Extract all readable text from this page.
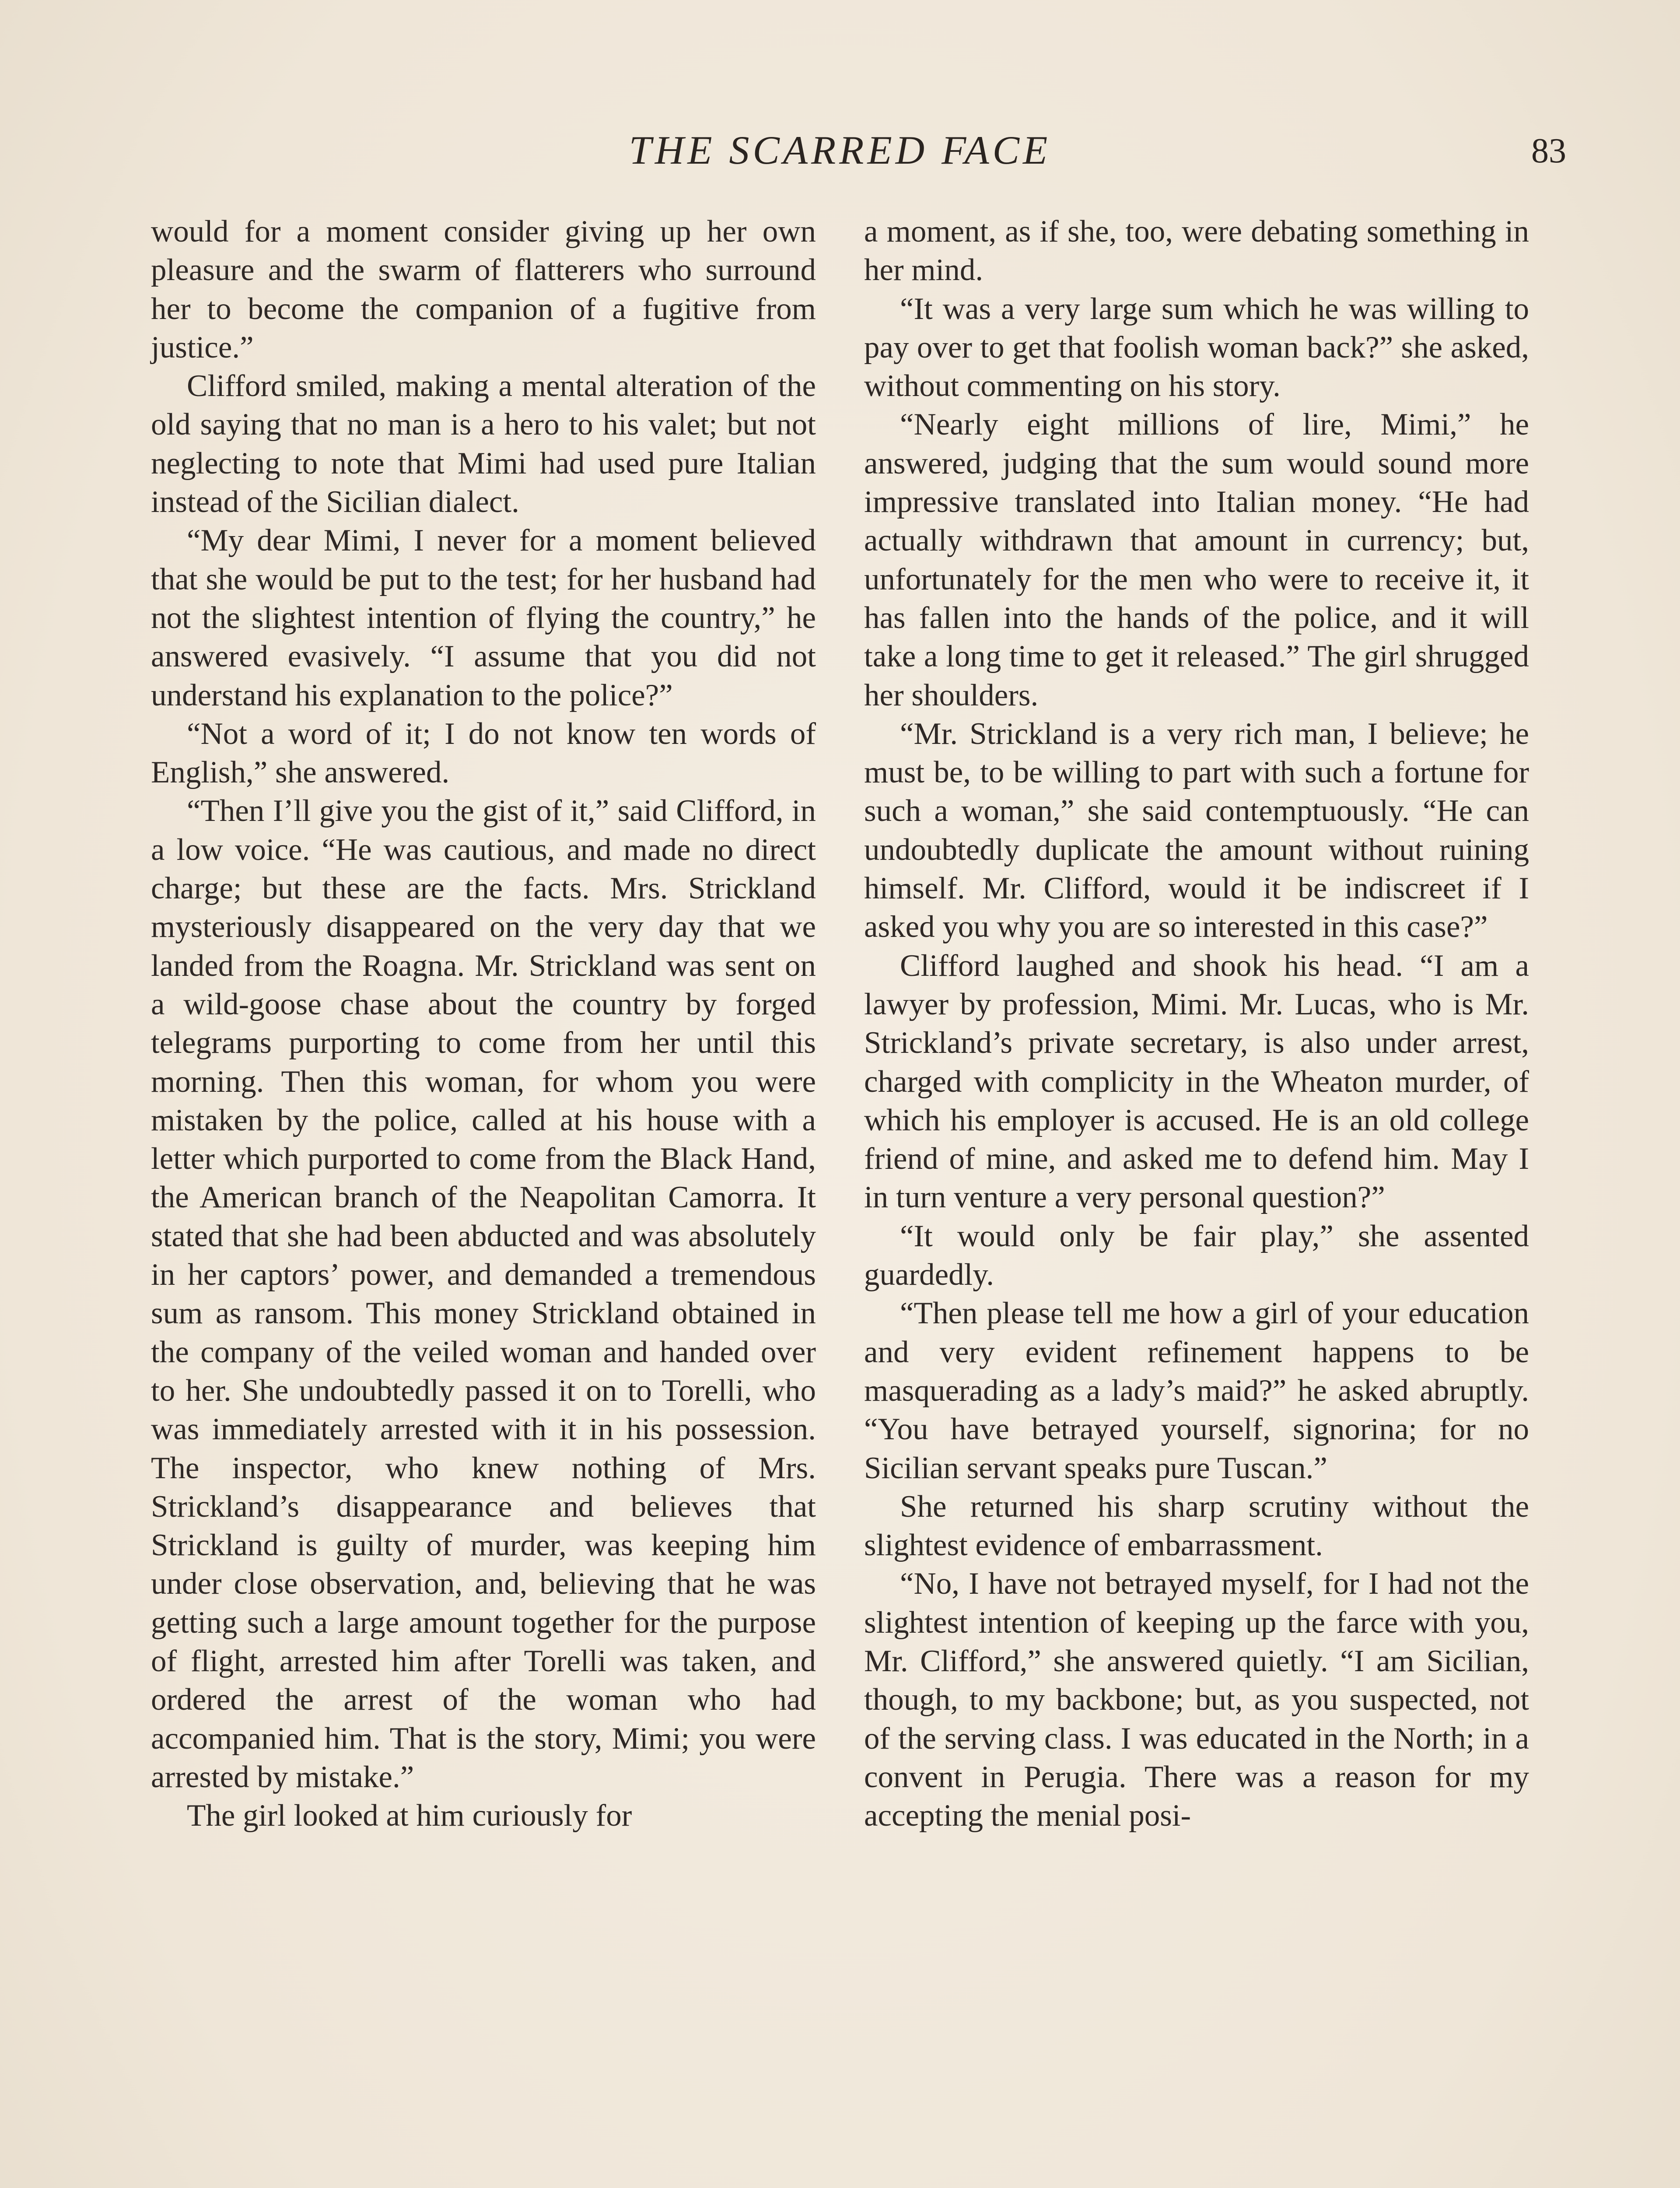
THE SCARRED FACE	83

would for a moment consider giving up her own pleasure and the swarm of flatterers who surround her to become the companion of a fugitive from justice.”

Clifford smiled, making a mental alteration of the old saying that no man is a hero to his valet; but not neglecting to note that Mimi had used pure Italian instead of the Sicilian dialect.

“My dear Mimi, I never for a moment believed that she would be put to the test; for her husband had not the slightest intention of flying the country,” he answered evasively. “I assume that you did not understand his explanation to the police?”

“Not a word of it; I do not know ten words of English,” she answered.

“Then I’ll give you the gist of it,” said Clifford, in a low voice. “He was cautious, and made no direct charge; but these are the facts. Mrs. Strickland mysteriously disappeared on the very day that we landed from the Roagna. Mr. Strickland was sent on a wild-goose chase about the country by forged telegrams purporting to come from her until this morning. Then this woman, for whom you were mistaken by the police, called at his house with a letter which purported to come from the Black Hand, the American branch of the Neapolitan Camorra. It stated that she had been abducted and was absolutely in her captors’ power, and demanded a tremendous sum as ransom. This money Strickland obtained in the company of the veiled woman and handed over to her. She undoubtedly passed it on to Torelli, who was immediately arrested with it in his possession. The inspector, who knew nothing of Mrs. Strickland’s disappearance and believes that Strickland is guilty of murder, was keeping him under close observation, and, believing that he was getting such a large amount together for the purpose of flight, arrested him after Torelli was taken, and ordered the arrest of the woman who had accompanied him. That is the story, Mimi; you were arrested by mistake.”

The girl looked at him curiously for

a moment, as if she, too, were debating something in her mind.

“It was a very large sum which he was willing to pay over to get that foolish woman back?” she asked, without commenting on his story.

“Nearly eight millions of lire, Mimi,” he answered, judging that the sum would sound more impressive translated into Italian money. “He had actually withdrawn that amount in currency; but, unfortunately for the men who were to receive it, it has fallen into the hands of the police, and it will take a long time to get it released.” The girl shrugged her shoulders.

“Mr. Strickland is a very rich man, I believe; he must be, to be willing to part with such a fortune for such a woman,” she said contemptuously. “He can undoubtedly duplicate the amount without ruining himself. Mr. Clifford, would it be indiscreet if I asked you why you are so interested in this case?”

Clifford laughed and shook his head. “I am a lawyer by profession, Mimi. Mr. Lucas, who is Mr. Strickland’s private secretary, is also under arrest, charged with complicity in the Wheaton murder, of which his employer is accused. He is an old college friend of mine, and asked me to defend him. May I in turn venture a very personal question?”

“It would only be fair play,” she assented guardedly.

“Then please tell me how a girl of your education and very evident refinement happens to be masquerading as a lady’s maid?” he asked abruptly. “You have betrayed yourself, signorina; for no Sicilian servant speaks pure Tuscan.”

She returned his sharp scrutiny without the slightest evidence of embarrassment.

“No, I have not betrayed myself, for I had not the slightest intention of keeping up the farce with you, Mr. Clifford,” she answered quietly. “I am Sicilian, though, to my backbone; but, as you suspected, not of the serving class. I was educated in the North; in a convent in Perugia. There was a reason for my accepting the menial posi-
